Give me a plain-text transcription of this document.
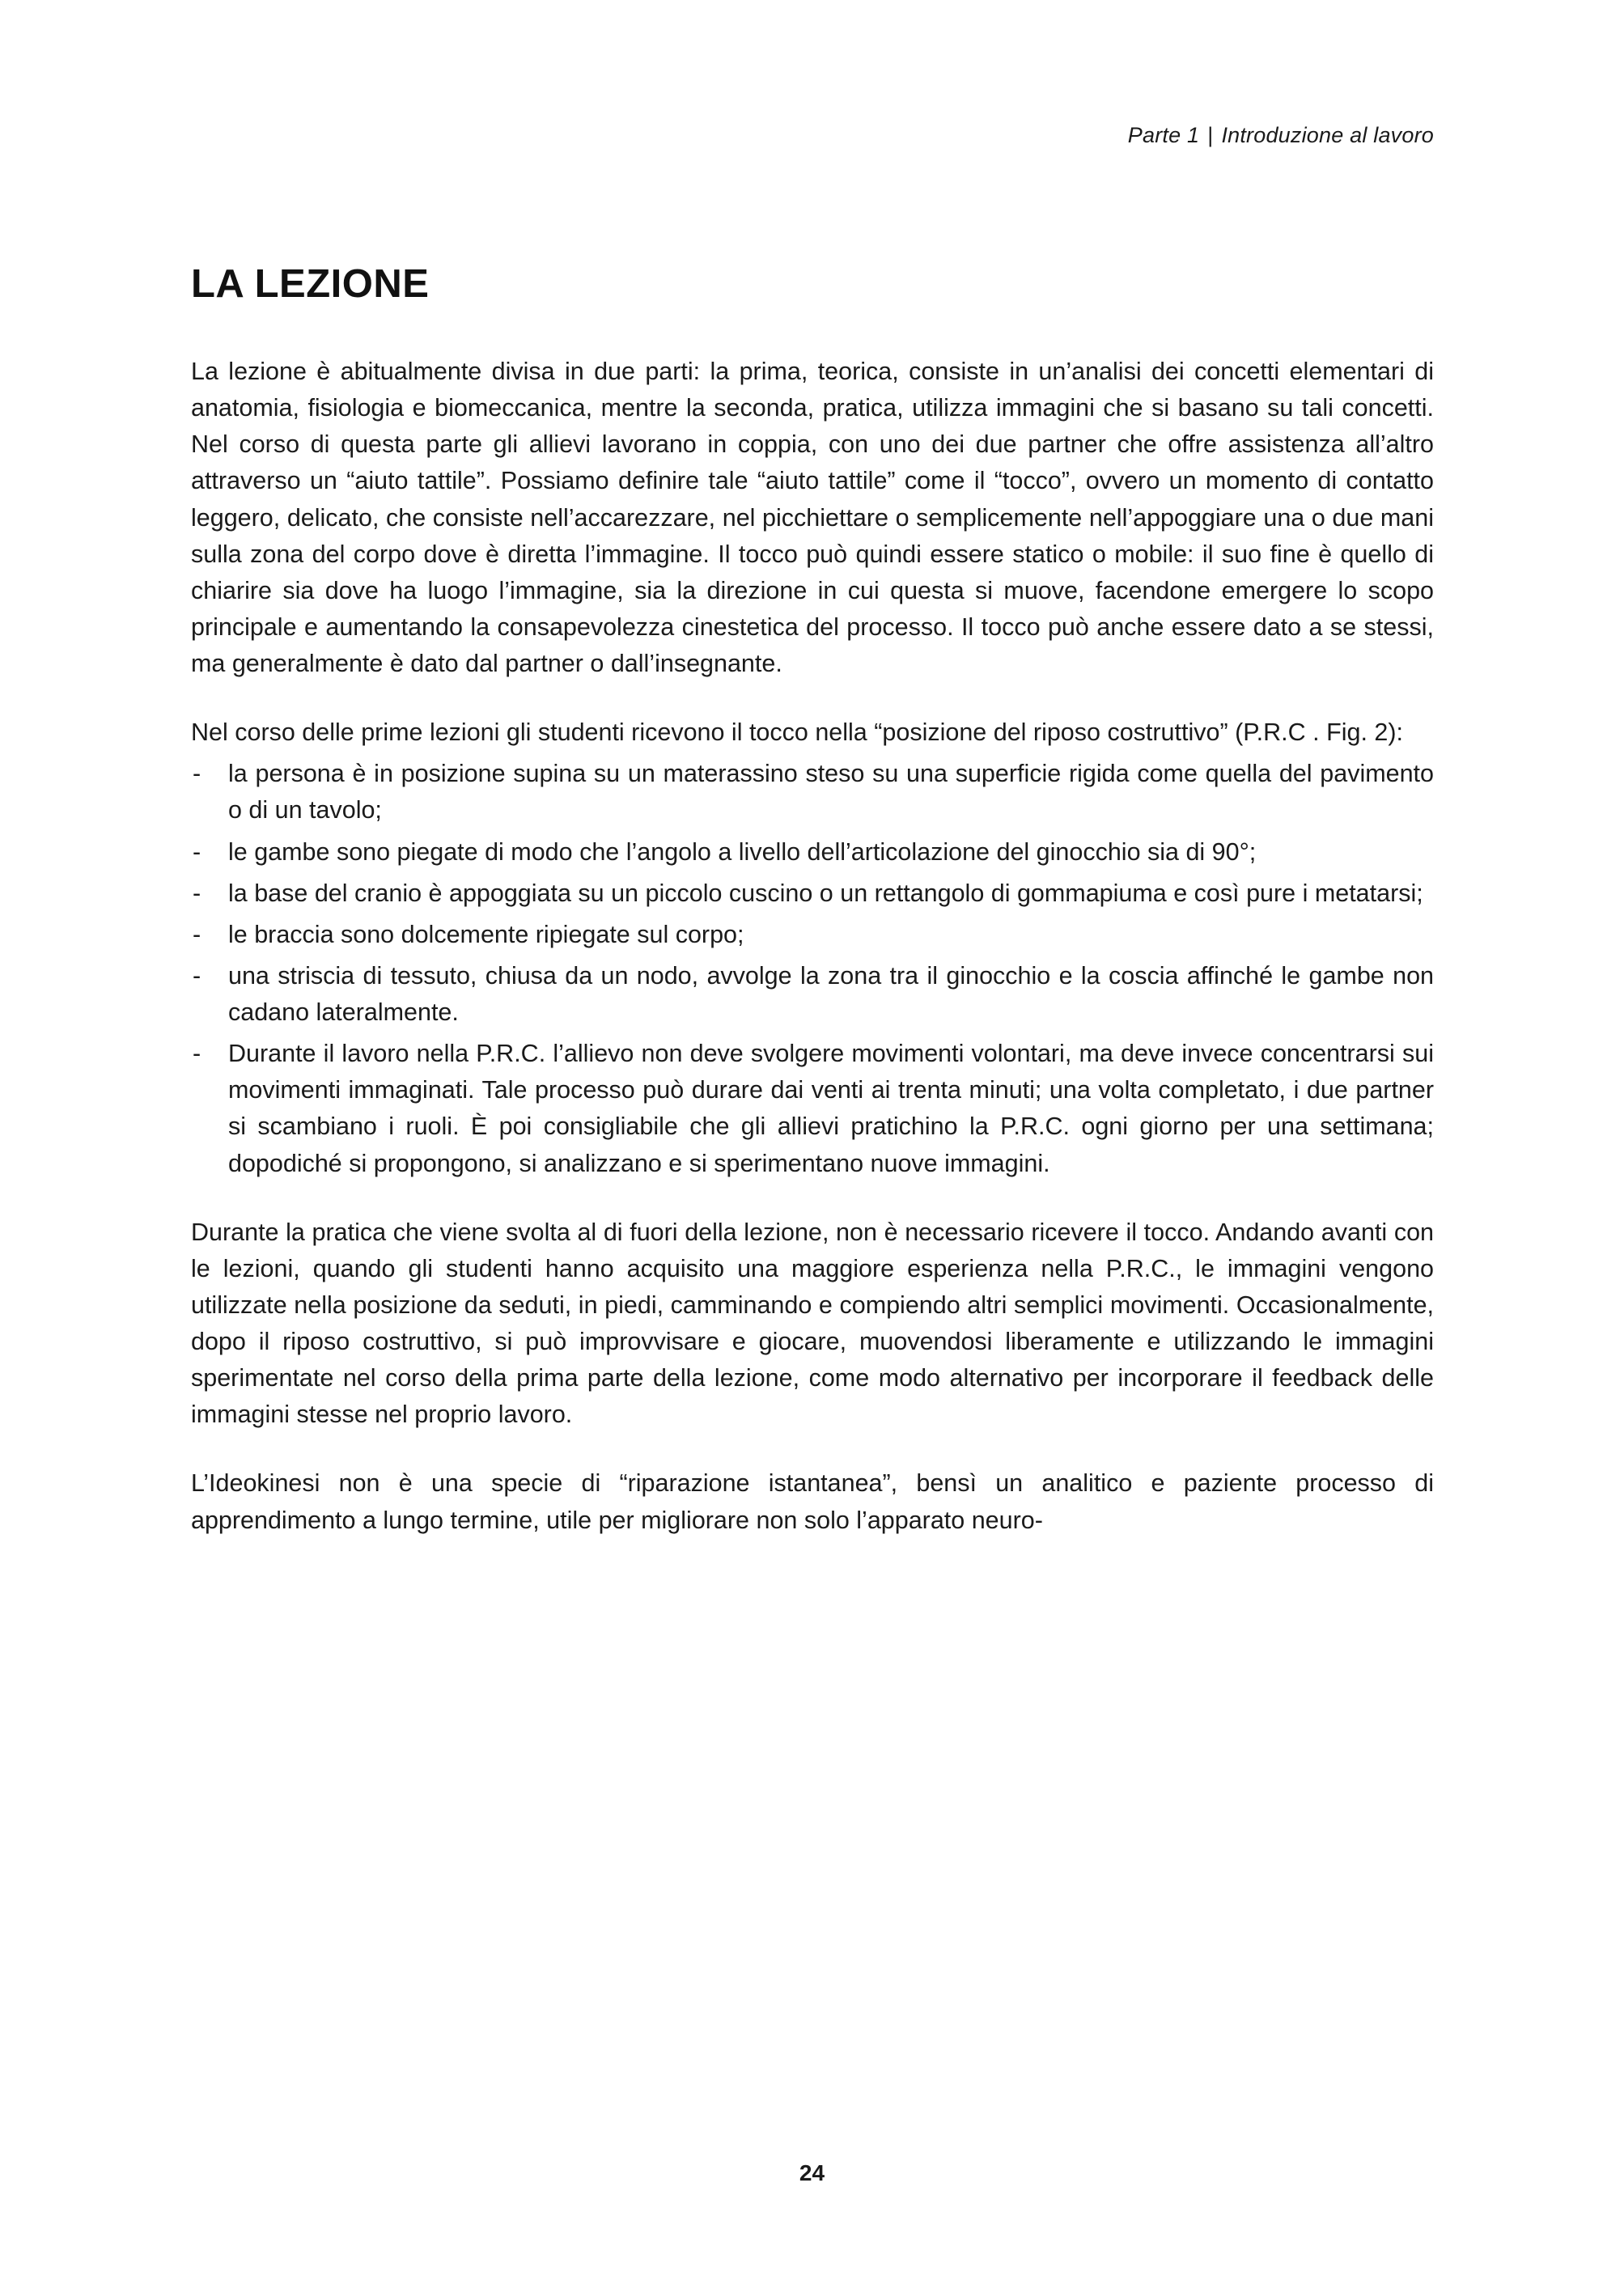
Parte 1 | Introduzione al lavoro
LA LEZIONE

La lezione è abitualmente divisa in due parti: la prima, teorica, consiste in un’analisi dei concetti elementari di anatomia, fisiologia e biomeccanica, mentre la seconda, pratica, utilizza immagini che si basano su tali concetti. Nel corso di questa parte gli allievi lavorano in coppia, con uno dei due partner che offre assistenza all’altro attraverso un “aiuto tattile”. Possiamo definire tale “aiuto tattile” come il “tocco”, ovvero un momento di contatto leggero, delicato, che consiste nell’accarezzare, nel picchiettare o semplicemente nell’appoggiare una o due mani sulla zona del corpo dove è diretta l’immagine. Il tocco può quindi essere statico o mobile: il suo fine è quello di chiarire sia dove ha luogo l’immagine, sia la direzione in cui questa si muove, facendone emergere lo scopo principale e aumentando la consapevolezza cinestetica del processo. Il tocco può anche essere dato a se stessi, ma generalmente è dato dal partner o dall’insegnante.

Nel corso delle prime lezioni gli studenti ricevono il tocco nella “posizione del riposo costruttivo” (P.R.C . Fig. 2):

- la persona è in posizione supina su un materassino steso su una superficie rigida come quella del pavimento o di un tavolo;
- le gambe sono piegate di modo che l’angolo a livello dell’articolazione del ginocchio sia di 90°;
- la base del cranio è appoggiata su un piccolo cuscino o un rettangolo di gommapiuma e così pure i metatarsi;
- le braccia sono dolcemente ripiegate sul corpo;
- una striscia di tessuto, chiusa da un nodo, avvolge la zona tra il ginocchio e la coscia affinché le gambe non cadano lateralmente.
- Durante il lavoro nella P.R.C. l’allievo non deve svolgere movimenti volontari, ma deve invece concentrarsi sui movimenti immaginati. Tale processo può durare dai venti ai trenta minuti; una volta completato, i due partner si scambiano i ruoli. È poi consigliabile che gli allievi pratichino la P.R.C. ogni giorno per una settimana; dopodiché si propongono, si analizzano e si sperimentano nuove immagini.

Durante la pratica che viene svolta al di fuori della lezione, non è necessario ricevere il tocco. Andando avanti con le lezioni, quando gli studenti hanno acquisito una maggiore esperienza nella P.R.C., le immagini vengono utilizzate nella posizione da seduti, in piedi, camminando e compiendo altri semplici movimenti. Occasionalmente, dopo il riposo costruttivo, si può improvvisare e giocare, muovendosi liberamente e utilizzando le immagini sperimentate nel corso della prima parte della lezione, come modo alternativo per incorporare il feedback delle immagini stesse nel proprio lavoro.

L’Ideokinesi non è una specie di “riparazione istantanea”, bensì un analitico e paziente processo di apprendimento a lungo termine, utile per migliorare non solo l’apparato neuro-

24
